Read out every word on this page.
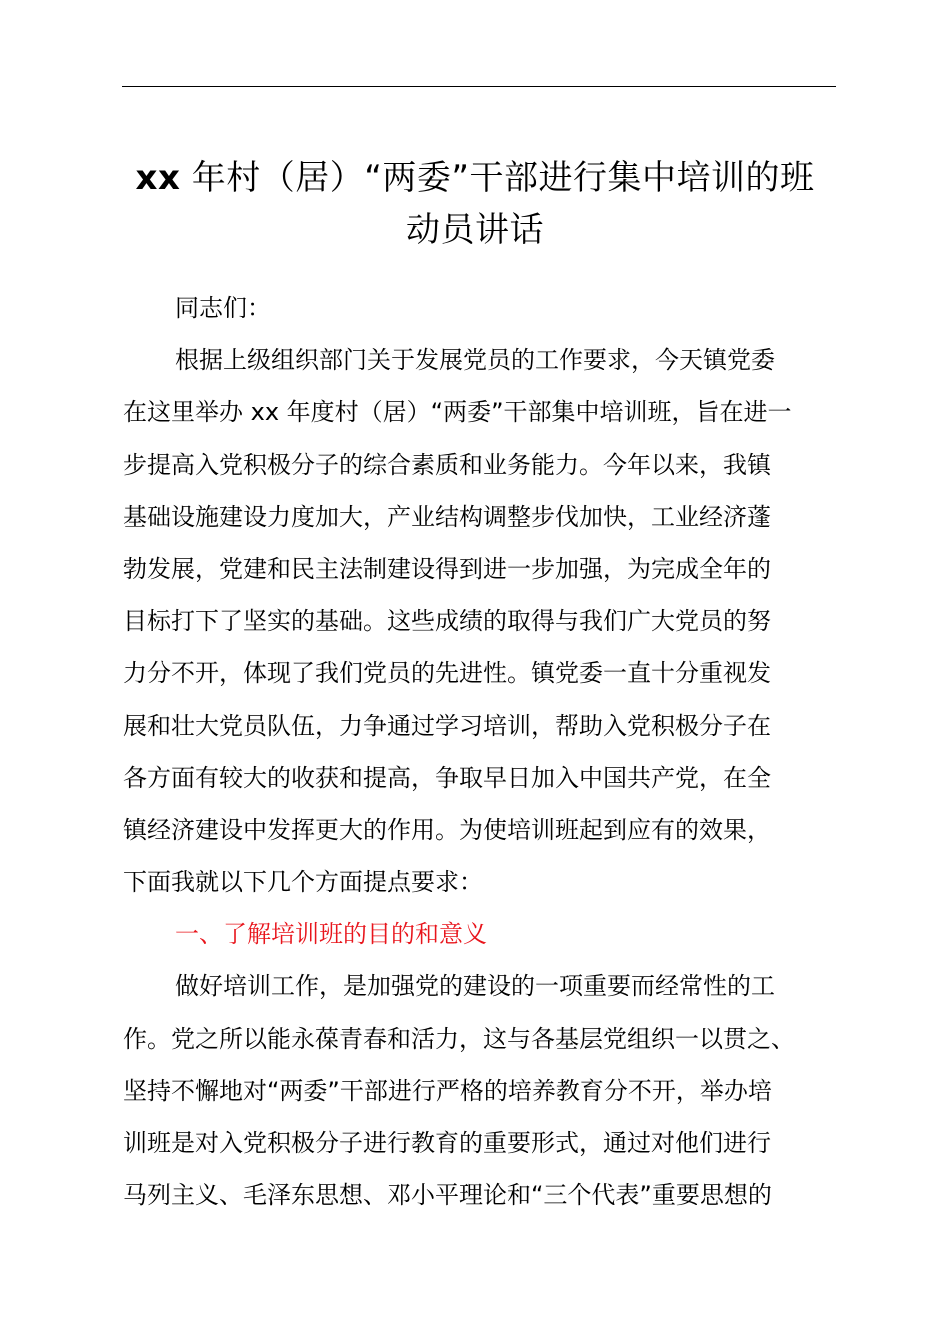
xx 年村（居）“两委”干部进行集中培训的班
动员讲话
同志们：
根据上级组织部门关于发展党员的工作要求，今天镇党委
在这里举办 xx 年度村（居）“两委”干部集中培训班，旨在进一
步提高入党积极分子的综合素质和业务能力。今年以来，我镇
基础设施建设力度加大，产业结构调整步伐加快，工业经济蓬
勃发展，党建和民主法制建设得到进一步加强，为完成全年的
目标打下了坚实的基础。这些成绩的取得与我们广大党员的努
力分不开，体现了我们党员的先进性。镇党委一直十分重视发
展和壮大党员队伍，力争通过学习培训，帮助入党积极分子在
各方面有较大的收获和提高，争取早日加入中国共产党，在全
镇经济建设中发挥更大的作用。为使培训班起到应有的效果，
下面我就以下几个方面提点要求：
一、了解培训班的目的和意义
做好培训工作，是加强党的建设的一项重要而经常性的工
作。党之所以能永葆青春和活力，这与各基层党组织一以贯之、
坚持不懈地对“两委”干部进行严格的培养教育分不开，举办培
训班是对入党积极分子进行教育的重要形式，通过对他们进行
马列主义、毛泽东思想、邓小平理论和“三个代表”重要思想的
